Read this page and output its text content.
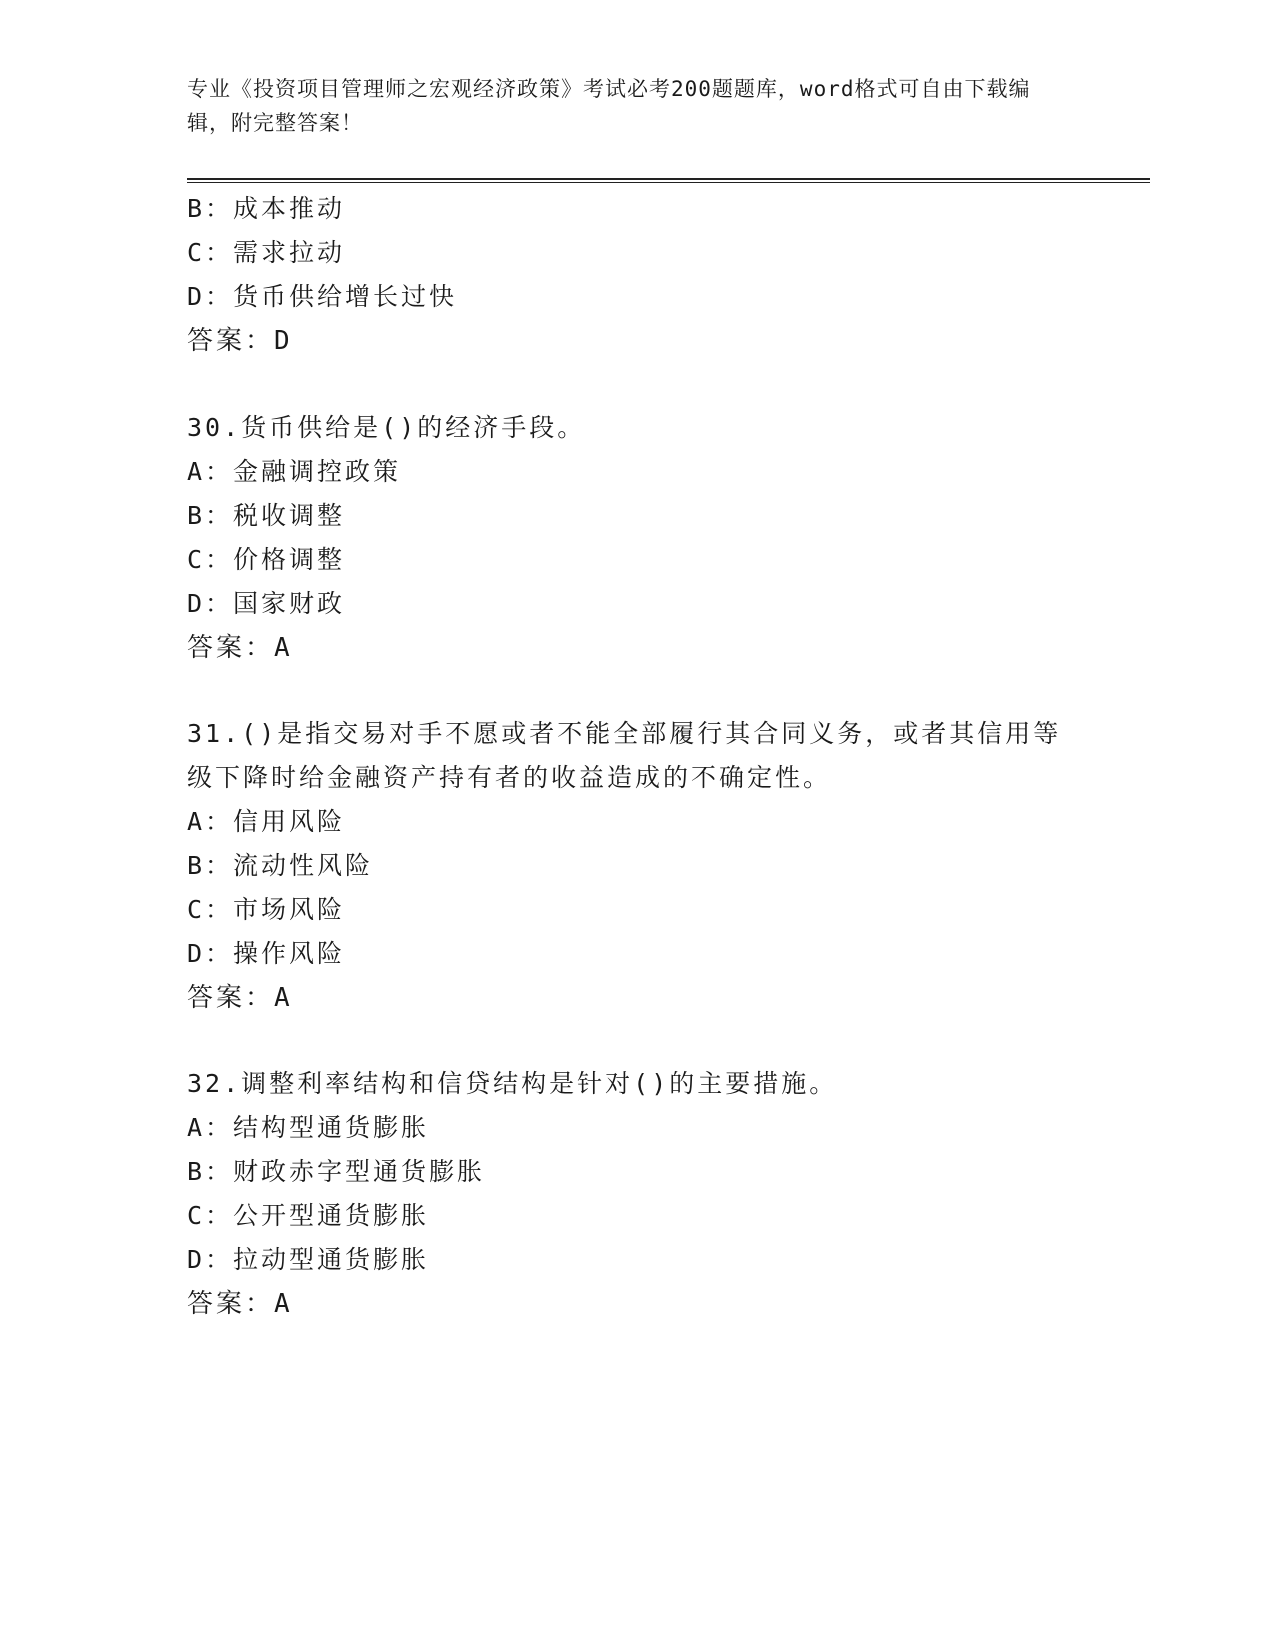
专业《投资项目管理师之宏观经济政策》考试必考200题题库，word格式可自由下载编辑，附完整答案！

B：成本推动
C：需求拉动
D：货币供给增长过快
答案：D
30.货币供给是()的经济手段。
A：金融调控政策
B：税收调整
C：价格调整
D：国家财政
答案：A
31.()是指交易对手不愿或者不能全部履行其合同义务，或者其信用等
级下降时给金融资产持有者的收益造成的不确定性。
A：信用风险
B：流动性风险
C：市场风险
D：操作风险
答案：A
32.调整利率结构和信贷结构是针对()的主要措施。
A：结构型通货膨胀
B：财政赤字型通货膨胀
C：公开型通货膨胀
D：拉动型通货膨胀
答案：A
